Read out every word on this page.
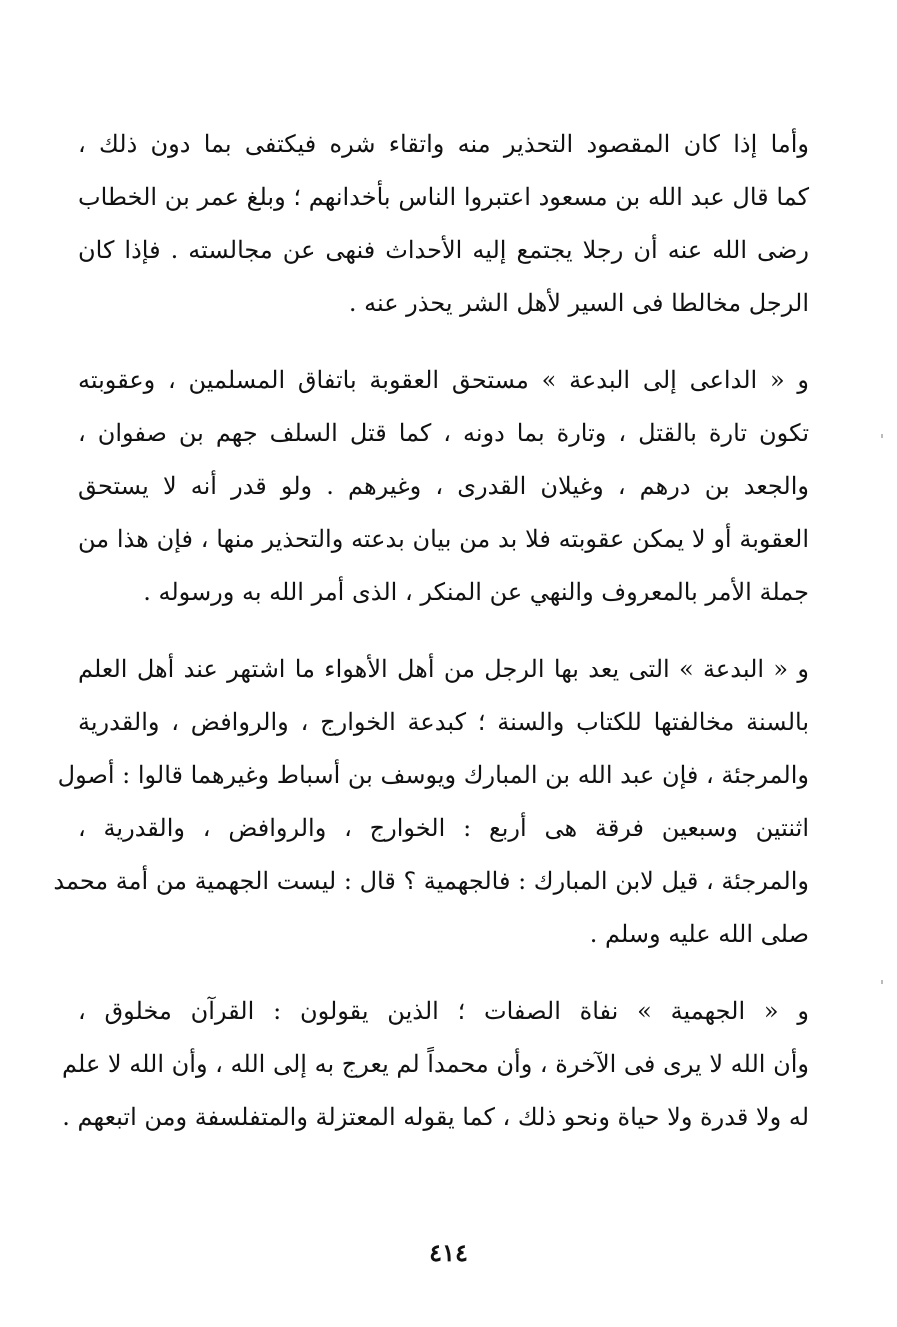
وأما إذا كان المقصود التحذير منه واتقاء شره فيكتفى بما دون ذلك ،
كما قال عبد الله بن مسعود اعتبروا الناس بأخدانهم ؛ وبلغ عمر بن الخطاب
رضى الله عنه أن رجلا يجتمع إليه الأحداث فنهى عن مجالسته . فإذا كان
الرجل مخالطا فى السير لأهل الشر يحذر عنه .

و « الداعى إلى البدعة » مستحق العقوبة باتفاق المسلمين ، وعقوبته
تكون تارة بالقتل ، وتارة بما دونه ، كما قتل السلف جهم بن صفوان ،
والجعد بن درهم ، وغيلان القدرى ، وغيرهم . ولو قدر أنه لا يستحق
العقوبة أو لا يمكن عقوبته فلا بد من بيان بدعته والتحذير منها ، فإن هذا من
جملة الأمر بالمعروف والنهي عن المنكر ، الذى أمر الله به ورسوله .

و « البدعة » التى يعد بها الرجل من أهل الأهواء ما اشتهر عند أهل العلم
بالسنة مخالفتها للكتاب والسنة ؛ كبدعة الخوارج ، والروافض ، والقدرية
والمرجئة ، فإن عبد الله بن المبارك ويوسف بن أسباط وغيرهما قالوا : أصول
اثنتين وسبعين فرقة هى أربع : الخوارج ، والروافض ، والقدرية ،
والمرجئة ، قيل لابن المبارك : فالجهمية ؟ قال : ليست الجهمية من أمة محمد
صلى الله عليه وسلم .

و « الجهمية » نفاة الصفات ؛ الذين يقولون : القرآن مخلوق ،
وأن الله لا يرى فى الآخرة ، وأن محمداً لم يعرج به إلى الله ، وأن الله لا علم
له ولا قدرة ولا حياة ونحو ذلك ، كما يقوله المعتزلة والمتفلسفة ومن اتبعهم .

٤١٤
